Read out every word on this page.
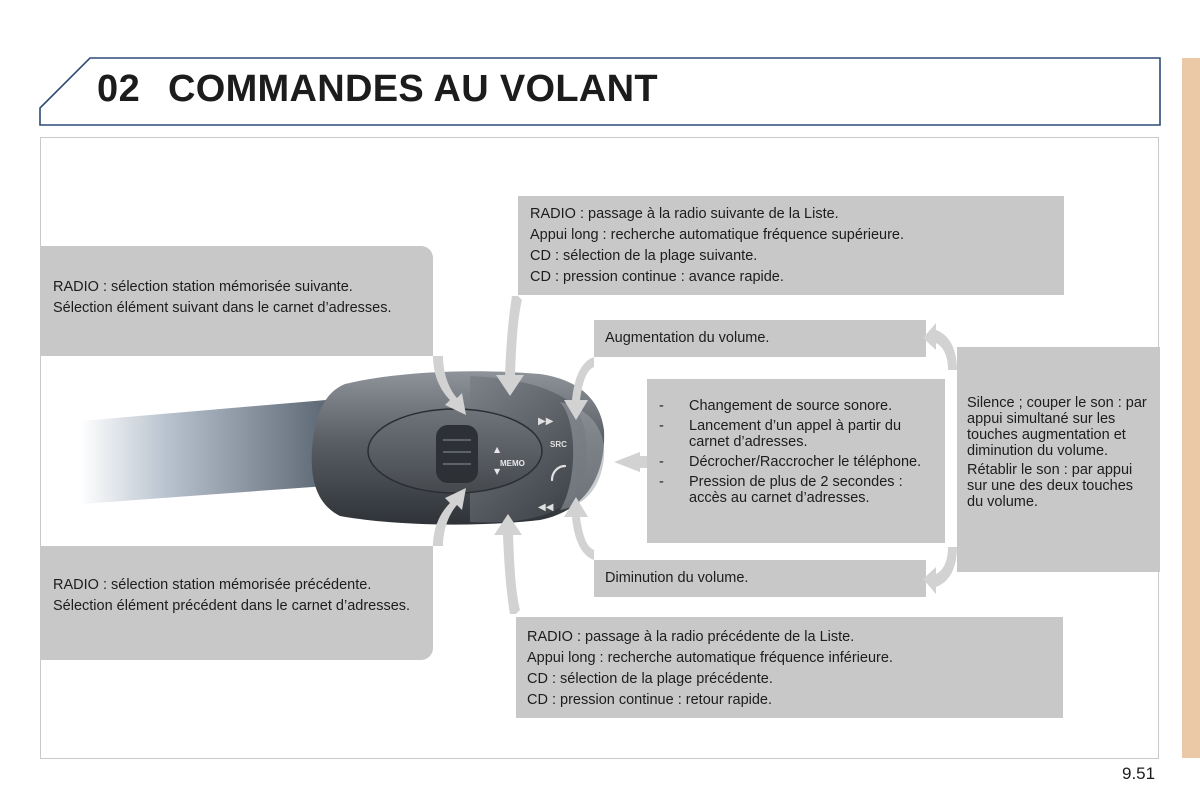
02 COMMANDES AU VOLANT

RADIO : sélection station mémorisée suivante.

Sélection élément suivant dans le carnet d’adresses.

RADIO : sélection station mémorisée précédente.

Sélection élément précédent dans le carnet d’adresses.

RADIO : passage à la radio suivante de la Liste.

Appui long : recherche automatique fréquence supérieure.

CD : sélection de la plage suivante.

CD : pression continue : avance rapide.

RADIO : passage à la radio précédente de la Liste.

Appui long : recherche automatique fréquence inférieure.

CD : sélection de la plage précédente.

CD : pression continue : retour rapide.

Augmentation du volume.

Diminution du volume.

- Changement de source sonore.
- Lancement d’un appel à partir du carnet d’adresses.
- Décrocher/Raccrocher le téléphone.
- Pression de plus de 2 secondes : accès au carnet d’adresses.

Silence ; couper le son : par appui simultané sur les touches augmentation et diminution du volume.

Rétablir le son : par appui sur une des deux touches du volume.

MEMO
▲
▼
▶▶
SRC
◀◀
9.51
